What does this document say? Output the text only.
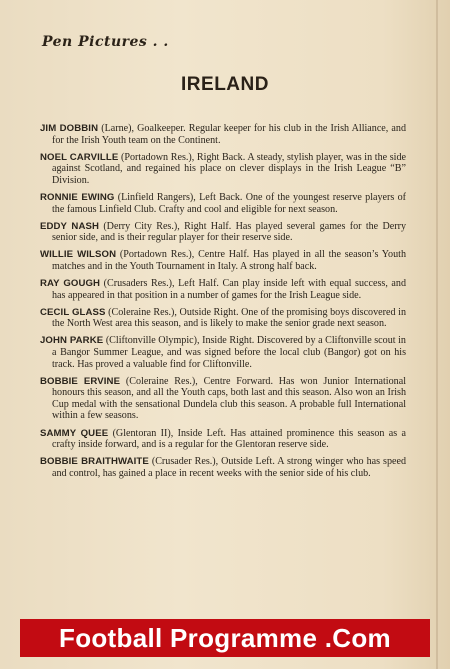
Pen Pictures . .
IRELAND

JIM DOBBIN (Larne), Goalkeeper. Regular keeper for his club in the Irish Alliance, and for the Irish Youth team on the Continent.

NOEL CARVILLE (Portadown Res.), Right Back. A steady, stylish player, was in the side against Scotland, and regained his place on clever displays in the Irish League “B” Division.

RONNIE EWING (Linfield Rangers), Left Back. One of the youngest reserve players of the famous Linfield Club. Crafty and cool and eligible for next season.

EDDY NASH (Derry City Res.), Right Half. Has played several games for the Derry senior side, and is their regular player for their reserve side.

WILLIE WILSON (Portadown Res.), Centre Half. Has played in all the season’s Youth matches and in the Youth Tournament in Italy. A strong half back.

RAY GOUGH (Crusaders Res.), Left Half. Can play inside left with equal success, and has appeared in that position in a number of games for the Irish League side.

CECIL GLASS (Coleraine Res.), Outside Right. One of the promising boys discovered in the North West area this season, and is likely to make the senior grade next season.

JOHN PARKE (Cliftonville Olympic), Inside Right. Discovered by a Cliftonville scout in a Bangor Summer League, and was signed before the local club (Bangor) got on his track. Has proved a valuable find for Cliftonville.

BOBBIE ERVINE (Coleraine Res.), Centre Forward. Has won Junior International honours this season, and all the Youth caps, both last and this season. Also won an Irish Cup medal with the sensational Dundela club this season. A probable full International within a few seasons.

SAMMY QUEE (Glentoran II), Inside Left. Has attained prominence this season as a crafty inside forward, and is a regular for the Glentoran reserve side.

BOBBIE BRAITHWAITE (Crusader Res.), Outside Left. A strong winger who has speed and control, has gained a place in recent weeks with the senior side of his club.

Football Programme .Com
